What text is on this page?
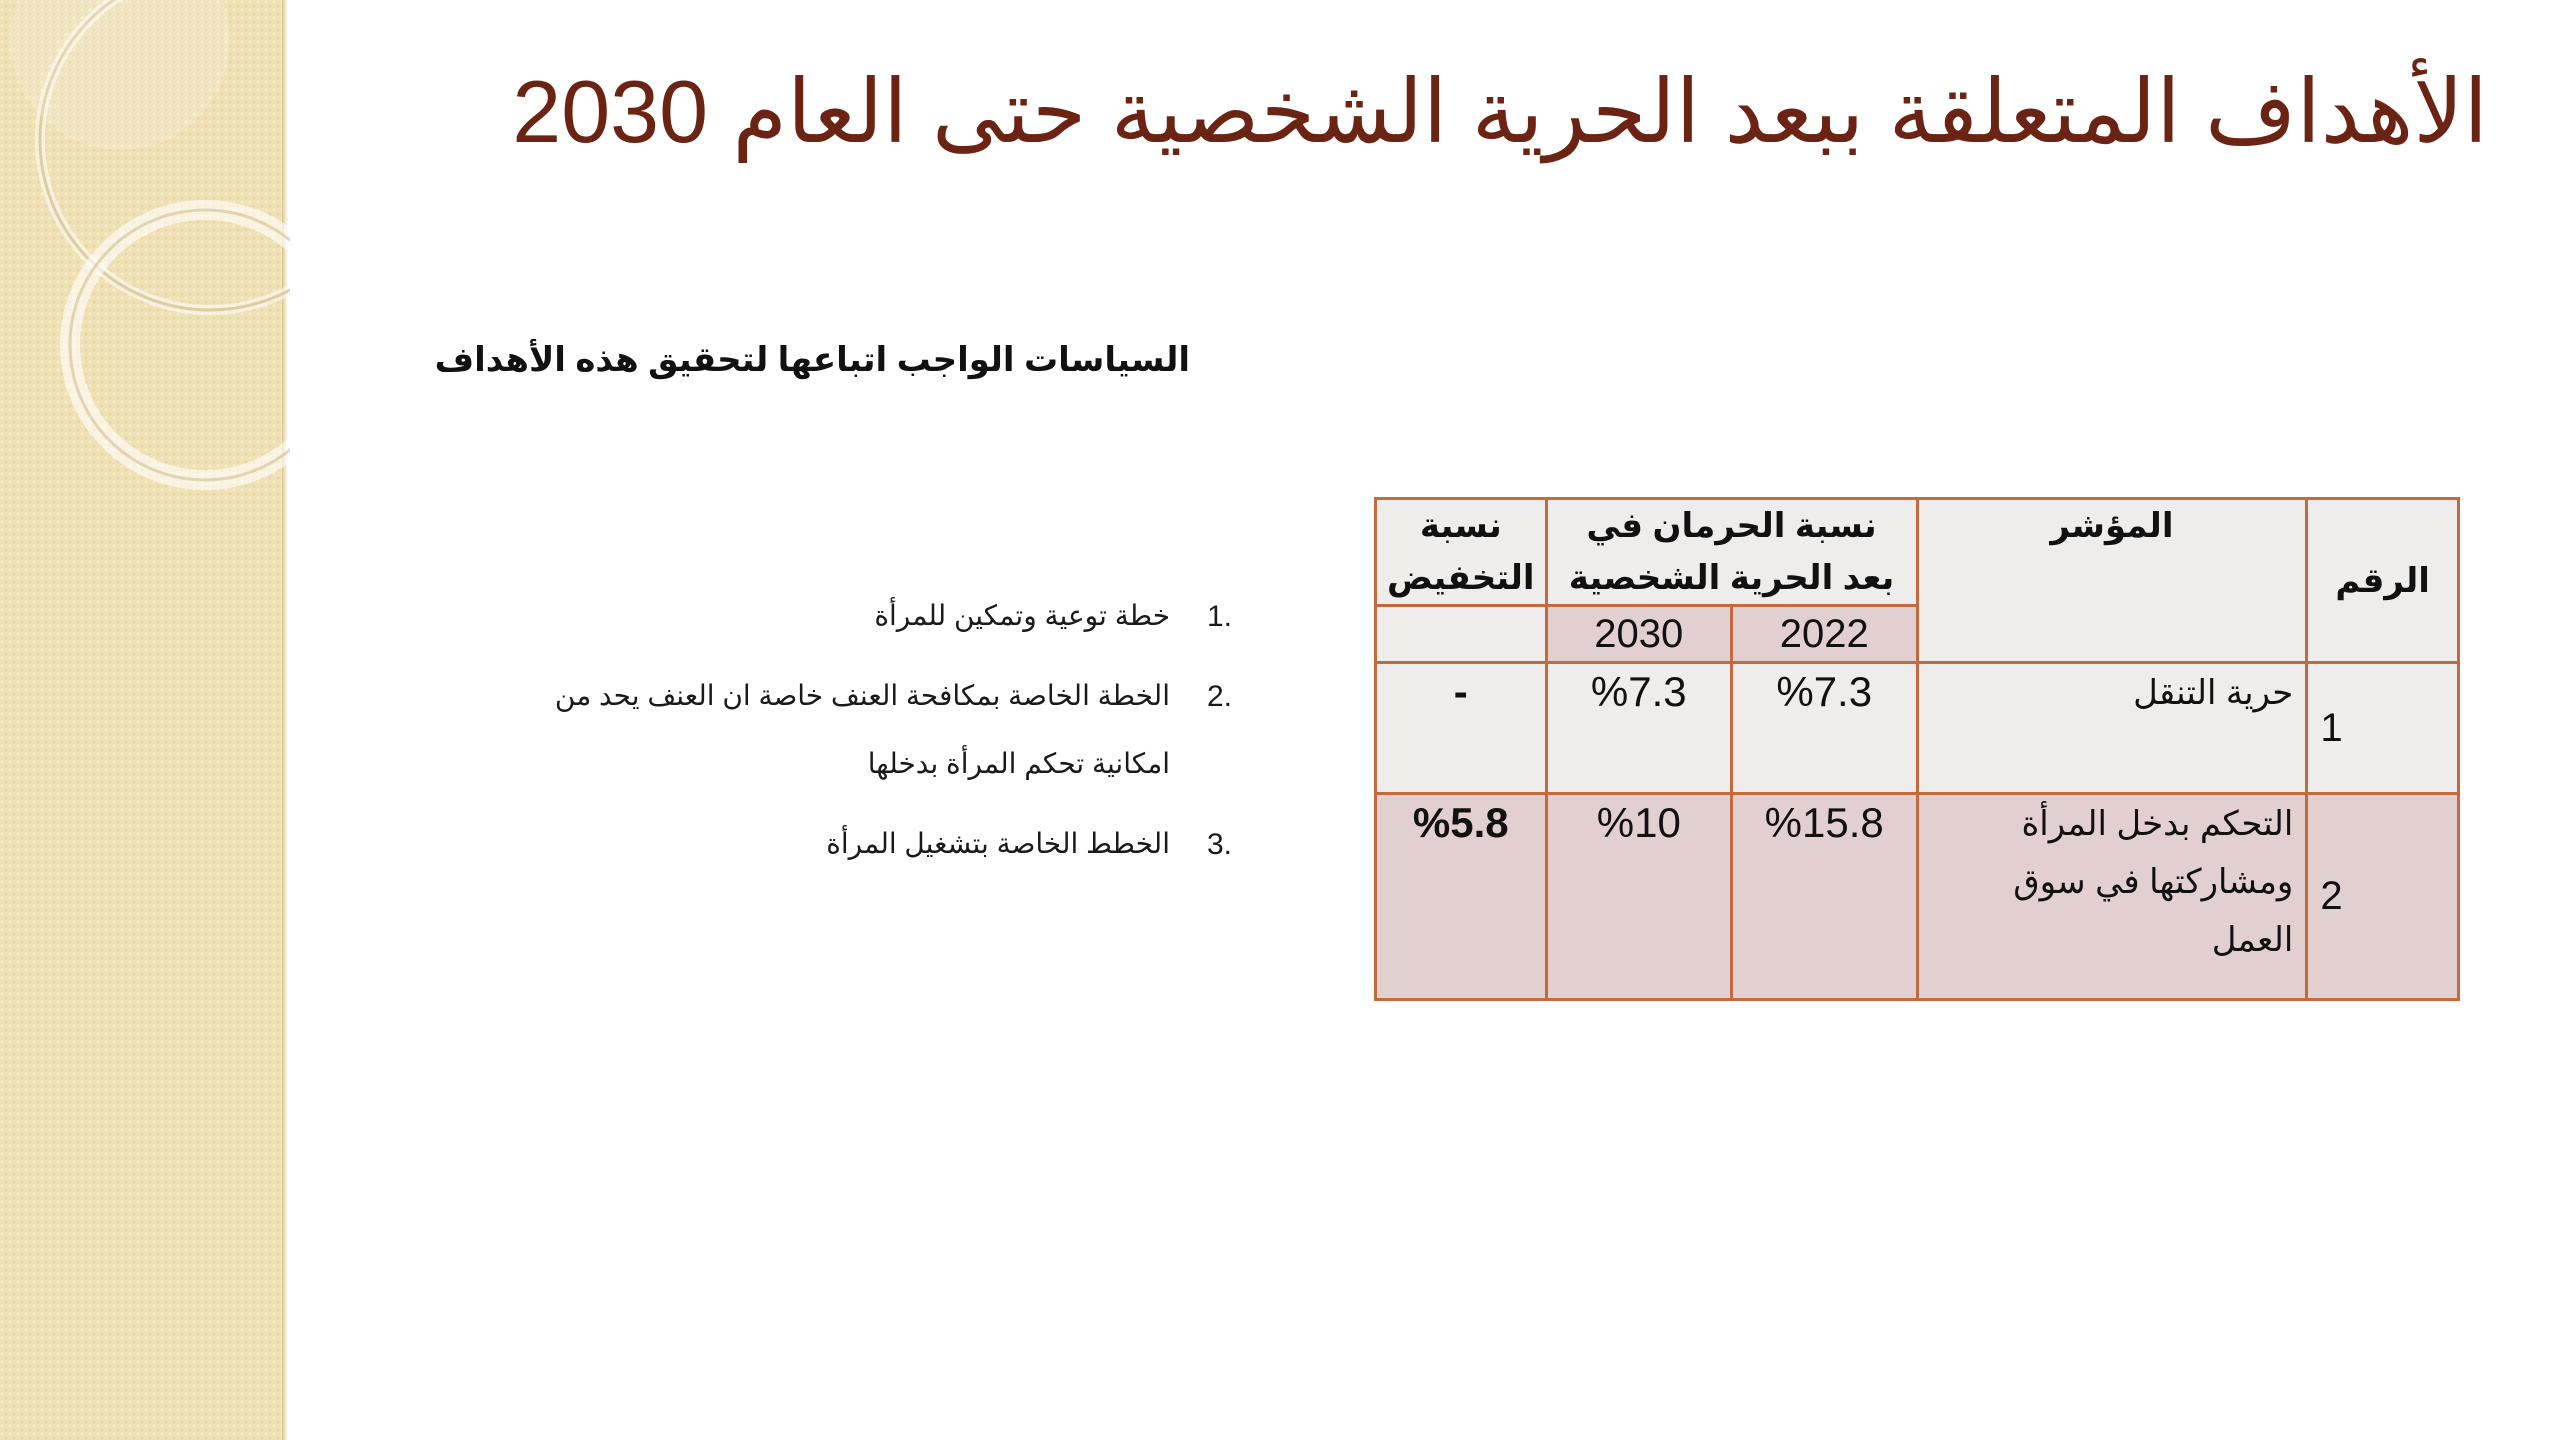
الأهداف المتعلقة ببعد الحرية الشخصية حتى العام 2030
السياسات الواجب اتباعها لتحقيق هذه الأهداف
1.
خطة توعية وتمكين للمرأة
2.
الخطة الخاصة بمكافحة العنف خاصة ان العنف يحد من امكانية تحكم المرأة بدخلها
3.
الخطط الخاصة بتشغيل المرأة
الرقم	المؤشر	نسبة الحرمان في بعد الحرية الشخصية		نسبة التخفيض
		2022	2030	
1	حرية التنقل	%7.3	%7.3	-
2	التحكم بدخل المرأة ومشاركتها في سوق العمل	%15.8	%10	%5.8
